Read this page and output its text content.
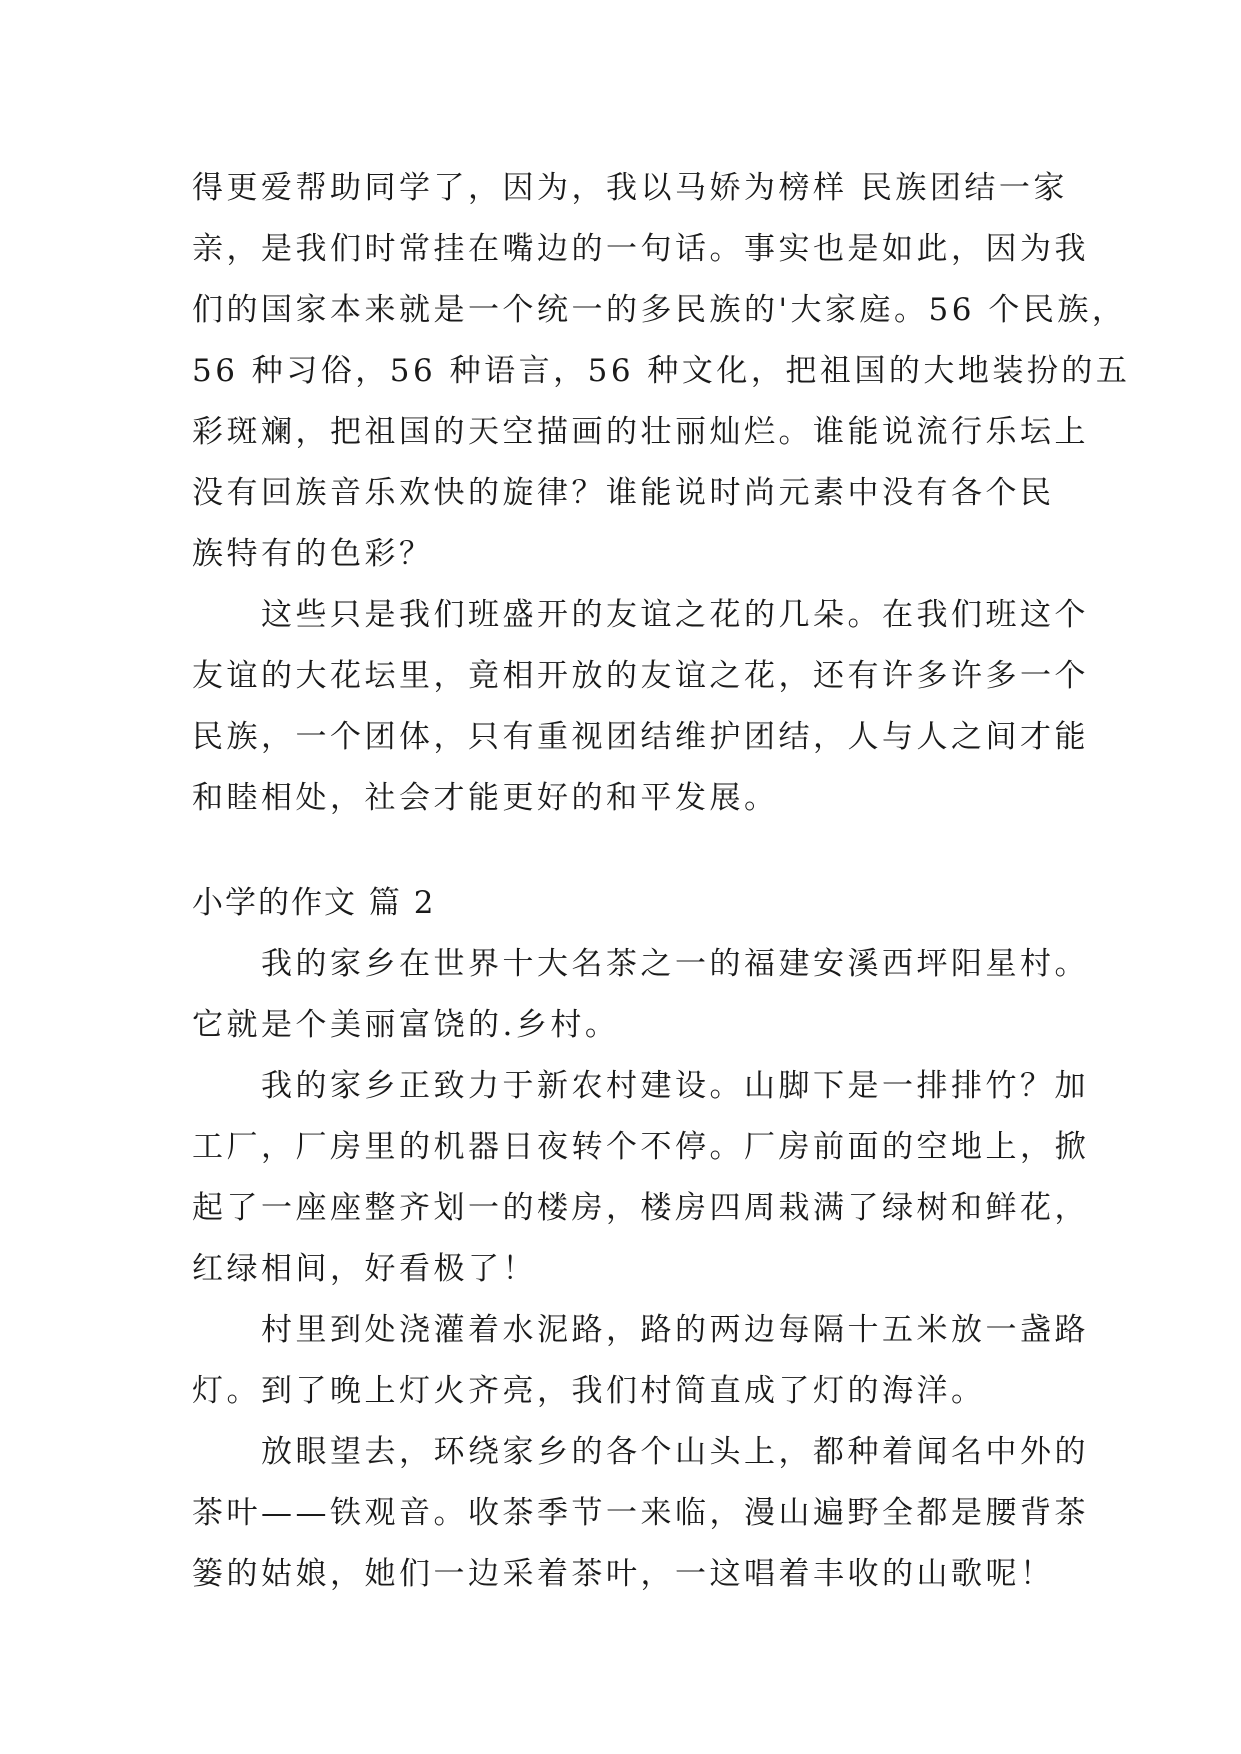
得更爱帮助同学了，因为，我以马娇为榜样 民族团结一家
亲，是我们时常挂在嘴边的一句话。事实也是如此，因为我
们的国家本来就是一个统一的多民族的'大家庭。56 个民族，
56 种习俗，56 种语言，56 种文化，把祖国的大地装扮的五
彩斑斓，把祖国的天空描画的壮丽灿烂。谁能说流行乐坛上
没有回族音乐欢快的旋律？谁能说时尚元素中没有各个民
族特有的色彩？
　　这些只是我们班盛开的友谊之花的几朵。在我们班这个
友谊的大花坛里，竟相开放的友谊之花，还有许多许多一个
民族，一个团体，只有重视团结维护团结，人与人之间才能
和睦相处，社会才能更好的和平发展。
小学的作文 篇 2
　　我的家乡在世界十大名茶之一的福建安溪西坪阳星村。
它就是个美丽富饶的.乡村。
　　我的家乡正致力于新农村建设。山脚下是一排排竹？加
工厂，厂房里的机器日夜转个不停。厂房前面的空地上，掀
起了一座座整齐划一的楼房，楼房四周栽满了绿树和鲜花，
红绿相间，好看极了！
　　村里到处浇灌着水泥路，路的两边每隔十五米放一盏路
灯。到了晚上灯火齐亮，我们村简直成了灯的海洋。
　　放眼望去，环绕家乡的各个山头上，都种着闻名中外的
茶叶——铁观音。收茶季节一来临，漫山遍野全都是腰背茶
篓的姑娘，她们一边采着茶叶，一这唱着丰收的山歌呢！
